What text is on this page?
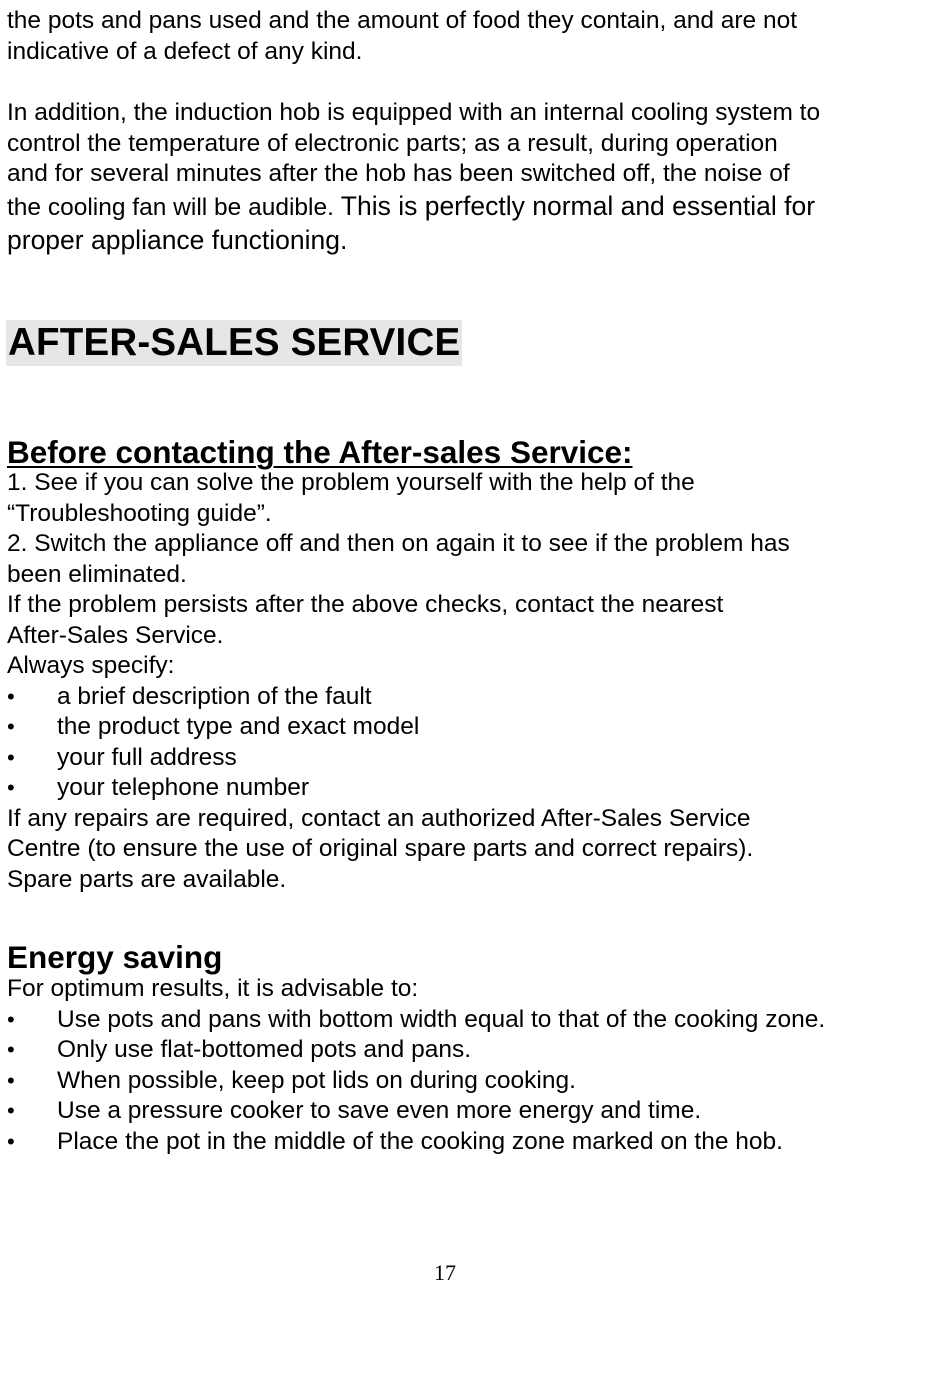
the pots and pans used and the amount of food they contain, and are not
indicative of a defect of any kind.

In addition, the induction hob is equipped with an internal cooling system to
control the temperature of electronic parts; as a result, during operation
and for several minutes after the hob has been switched off, the noise of
the cooling fan will be audible. This is perfectly normal and essential for
proper appliance functioning.

AFTER-SALES SERVICE
Before contacting the After-sales Service:
1. See if you can solve the problem yourself with the help of the
“Troubleshooting guide”.
2. Switch the appliance off and then on again it to see if the problem has
been eliminated.
If the problem persists after the above checks, contact the nearest
After-Sales Service.
Always specify:
• a brief description of the fault
• the product type and exact model
• your full address
• your telephone number
If any repairs are required, contact an authorized After-Sales Service
Centre (to ensure the use of original spare parts and correct repairs).
Spare parts are available.
Energy saving
For optimum results, it is advisable to:
• Use pots and pans with bottom width equal to that of the cooking zone.
• Only use flat-bottomed pots and pans.
• When possible, keep pot lids on during cooking.
• Use a pressure cooker to save even more energy and time.
• Place the pot in the middle of the cooking zone marked on the hob.
17
